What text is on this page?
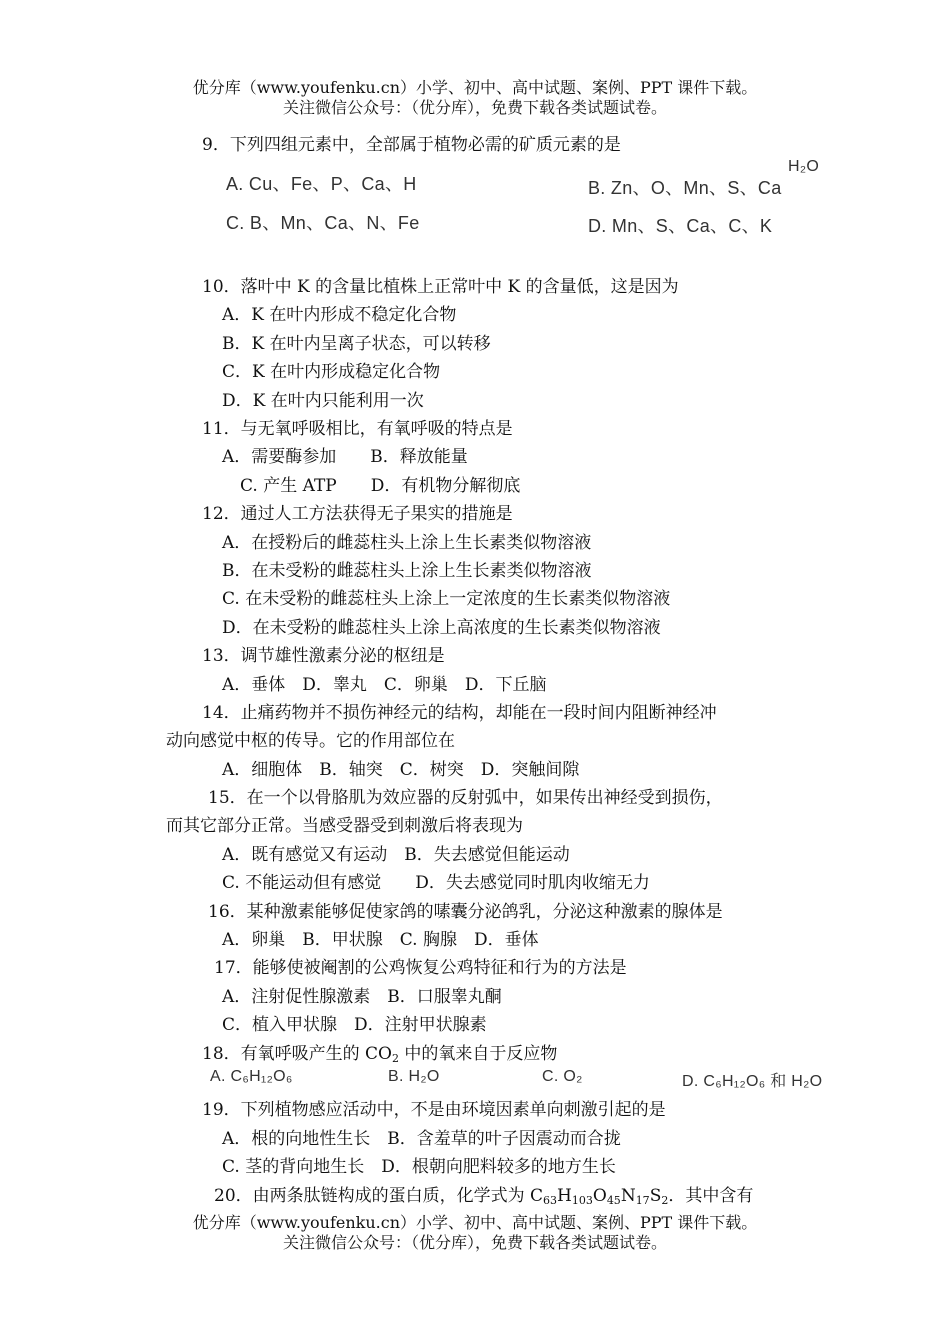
优分库（www.youfenku.cn）小学、初中、高中试题、案例、PPT 课件下载。
关注微信公众号：（优分库），免费下载各类试题试卷。
9．下列四组元素中，全部属于植物必需的矿质元素的是
A. Cu、Fe、P、Ca、H	B. Zn、O、Mn、S、Ca
H₂O
C. B、Mn、Ca、N、Fe	D. Mn、S、Ca、C、K
10．落叶中 K 的含量比植株上正常叶中 K 的含量低，这是因为
A．K 在叶内形成不稳定化合物
B．K 在叶内呈离子状态，可以转移
C．K 在叶内形成稳定化合物
D．K 在叶内只能利用一次
11．与无氧呼吸相比，有氧呼吸的特点是
A．需要酶参加　　B．释放能量
C. 产生 ATP　　D．有机物分解彻底
12．通过人工方法获得无子果实的措施是
A．在授粉后的雌蕊柱头上涂上生长素类似物溶液
B．在未受粉的雌蕊柱头上涂上生长素类似物溶液
C. 在未受粉的雌蕊柱头上涂上一定浓度的生长素类似物溶液
D．在未受粉的雌蕊柱头上涂上高浓度的生长素类似物溶液
13．调节雄性激素分泌的枢纽是
A．垂体　D．睾丸　C．卵巢　D．下丘脑
14．止痛药物并不损伤神经元的结构，却能在一段时间内阻断神经冲
动向感觉中枢的传导。它的作用部位在
A．细胞体　B．轴突　C．树突　D．突触间隙
15．在一个以骨胳肌为效应器的反射弧中，如果传出神经受到损伤，
而其它部分正常。当感受器受到刺激后将表现为
A．既有感觉又有运动　B．失去感觉但能运动
C. 不能运动但有感觉　　D．失去感觉同时肌肉收缩无力
16．某种激素能够促使家鸽的嗉囊分泌鸽乳，分泌这种激素的腺体是
A．卵巢　B．甲状腺　C. 胸腺　D．垂体
17．能够使被阉割的公鸡恢复公鸡特征和行为的方法是
A．注射促性腺激素　B．口服睾丸酮
C．植入甲状腺　D．注射甲状腺素
18．有氧呼吸产生的 $CO_2$ 中的氧来自于反应物
A. C₆H₁₂O₆	B. H₂O	C. O₂	D. C₆H₁₂O₆ 和 H₂O
19．下列植物感应活动中，不是由环境因素单向刺激引起的是
A．根的向地性生长　B．含羞草的叶子因震动而合拢
C. 茎的背向地生长　D．根朝向肥料较多的地方生长
20．由两条肽链构成的蛋白质，化学式为 $C_{63}H_{103}O_{45}N_{17}S_2$．其中含有
优分库（www.youfenku.cn）小学、初中、高中试题、案例、PPT 课件下载。
关注微信公众号：（优分库），免费下载各类试题试卷。
